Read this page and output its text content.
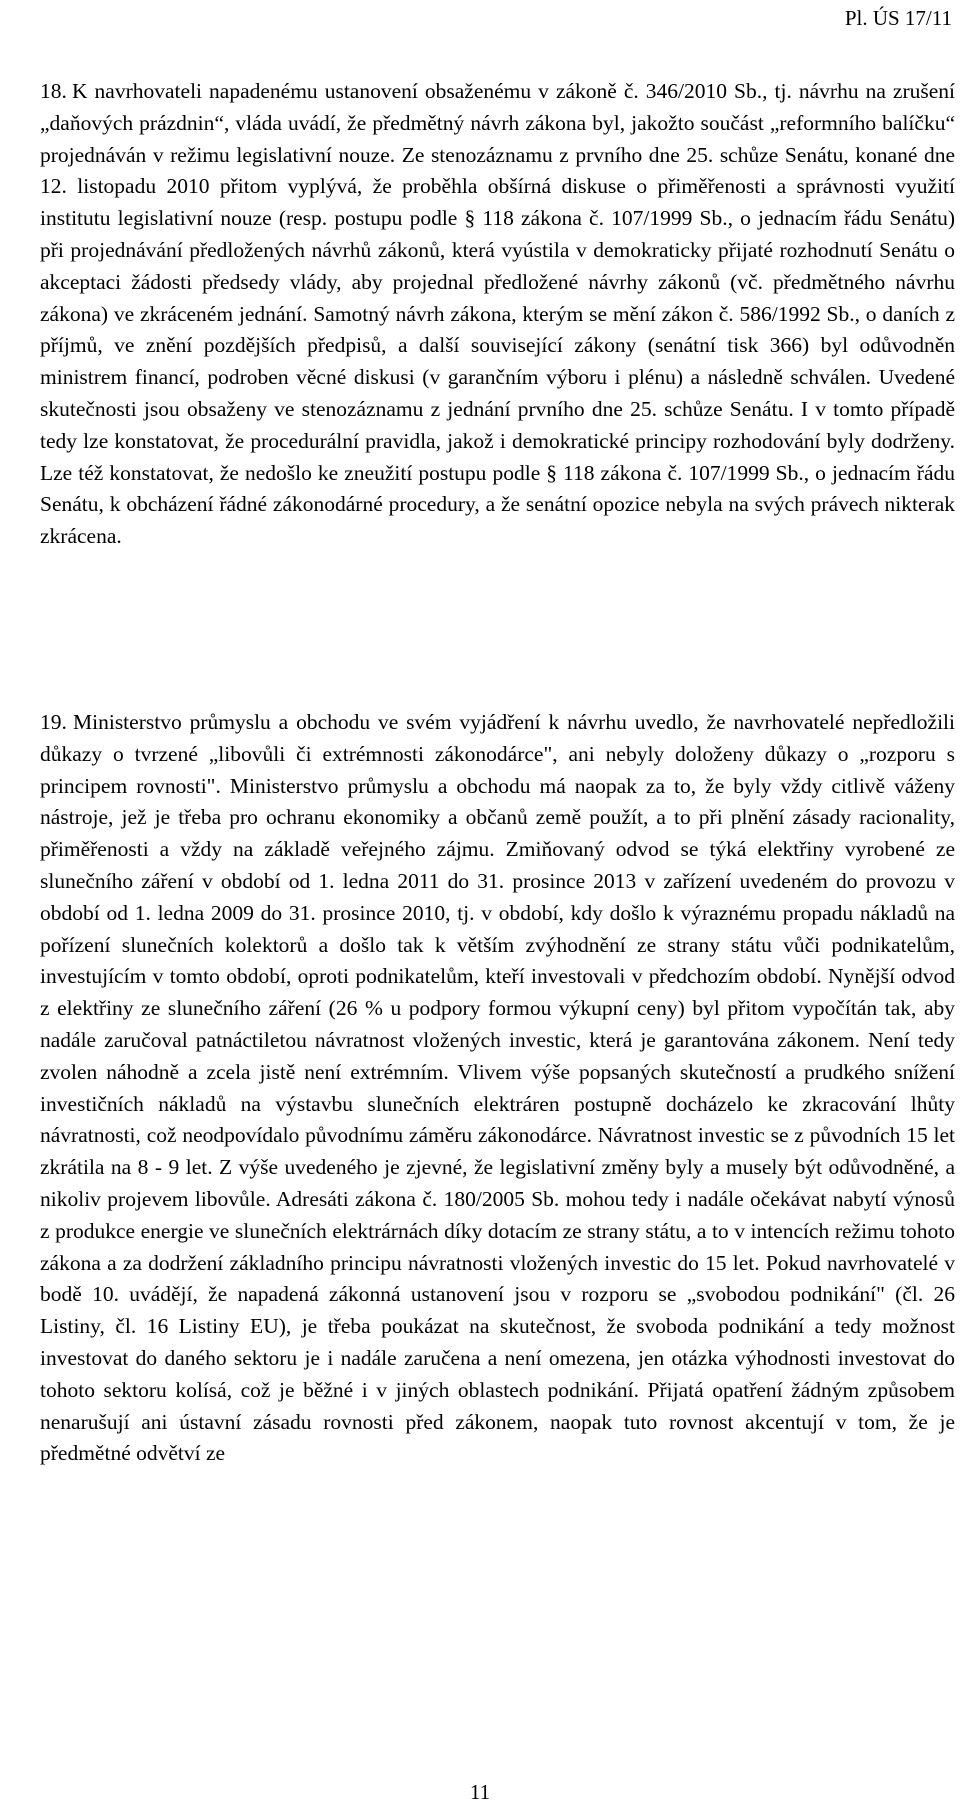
Pl. ÚS 17/11

18. K navrhovateli napadenému ustanovení obsaženému v zákoně č. 346/2010 Sb., tj. návrhu na zrušení „daňových prázdnin“, vláda uvádí, že předmětný návrh zákona byl, jakožto součást „reformního balíčku“ projednáván v režimu legislativní nouze. Ze stenozáznamu z prvního dne 25. schůze Senátu, konané dne 12. listopadu 2010 přitom vyplývá, že proběhla obšírná diskuse o přiměřenosti a správnosti využití institutu legislativní nouze (resp. postupu podle § 118 zákona č. 107/1999 Sb., o jednacím řádu Senátu) při projednávání předložených návrhů zákonů, která vyústila v demokraticky přijaté rozhodnutí Senátu o akceptaci žádosti předsedy vlády, aby projednal předložené návrhy zákonů (vč. předmětného návrhu zákona) ve zkráceném jednání. Samotný návrh zákona, kterým se mění zákon č. 586/1992 Sb., o daních z příjmů, ve znění pozdějších předpisů, a další související zákony (senátní tisk 366) byl odůvodněn ministrem financí, podroben věcné diskusi (v garančním výboru i plénu) a následně schválen. Uvedené skutečnosti jsou obsaženy ve stenozáznamu z jednání prvního dne 25. schůze Senátu. I v tomto případě tedy lze konstatovat, že procedurální pravidla, jakož i demokratické principy rozhodování byly dodrženy. Lze též konstatovat, že nedošlo ke zneužití postupu podle § 118 zákona č. 107/1999 Sb., o jednacím řádu Senátu, k obcházení řádné zákonodárné procedury, a že senátní opozice nebyla na svých právech nikterak zkrácena.

19. Ministerstvo průmyslu a obchodu ve svém vyjádření k návrhu uvedlo, že navrhovatelé nepředložili důkazy o tvrzené „libovůli či extrémnosti zákonodárce", ani nebyly doloženy důkazy o „rozporu s principem rovnosti". Ministerstvo průmyslu a obchodu má naopak za to, že byly vždy citlivě váženy nástroje, jež je třeba pro ochranu ekonomiky a občanů země použít, a to při plnění zásady racionality, přiměřenosti a vždy na základě veřejného zájmu. Zmiňovaný odvod se týká elektřiny vyrobené ze slunečního záření v období od 1. ledna 2011 do 31. prosince 2013 v zařízení uvedeném do provozu v období od 1. ledna 2009 do 31. prosince 2010, tj. v období, kdy došlo k výraznému propadu nákladů na pořízení slunečních kolektorů a došlo tak k větším zvýhodnění ze strany státu vůči podnikatelům, investujícím v tomto období, oproti podnikatelům, kteří investovali v předchozím období. Nynější odvod z elektřiny ze slunečního záření (26 % u podpory formou výkupní ceny) byl přitom vypočítán tak, aby nadále zaručoval patnáctiletou návratnost vložených investic, která je garantována zákonem. Není tedy zvolen náhodně a zcela jistě není extrémním. Vlivem výše popsaných skutečností a prudkého snížení investičních nákladů na výstavbu slunečních elektráren postupně docházelo ke zkracování lhůty návratnosti, což neodpovídalo původnímu záměru zákonodárce. Návratnost investic se z původních 15 let zkrátila na 8 - 9 let. Z výše uvedeného je zjevné, že legislativní změny byly a musely být odůvodněné, a nikoliv projevem libovůle. Adresáti zákona č. 180/2005 Sb. mohou tedy i nadále očekávat nabytí výnosů z produkce energie ve slunečních elektrárnách díky dotacím ze strany státu, a to v intencích režimu tohoto zákona a za dodržení základního principu návratnosti vložených investic do 15 let. Pokud navrhovatelé v bodě 10. uvádějí, že napadená zákonná ustanovení jsou v rozporu se „svobodou podnikání" (čl. 26 Listiny, čl. 16 Listiny EU), je třeba poukázat na skutečnost, že svoboda podnikání a tedy možnost investovat do daného sektoru je i nadále zaručena a není omezena, jen otázka výhodnosti investovat do tohoto sektoru kolísá, což je běžné i v jiných oblastech podnikání. Přijatá opatření žádným způsobem nenarušují ani ústavní zásadu rovnosti před zákonem, naopak tuto rovnost akcentují v tom, že je předmětné odvětví ze

11
